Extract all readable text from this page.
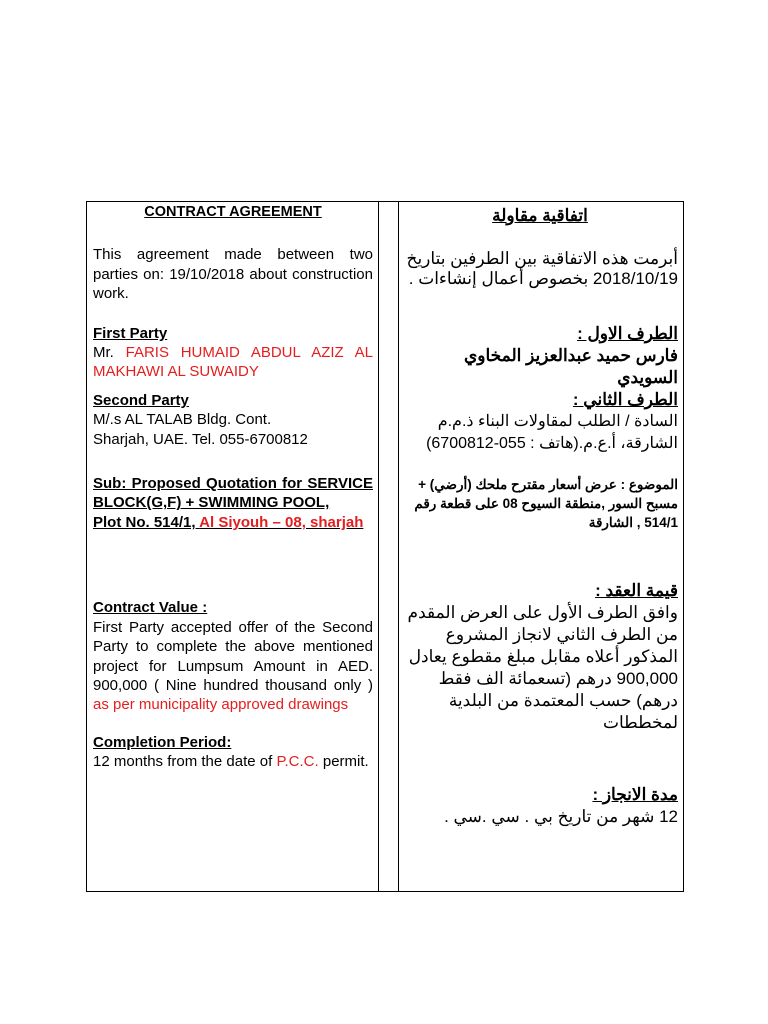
CONTRACT AGREEMENT

This agreement made between two parties on: 19/10/2018 about construction work.

First Party

Mr. FARIS HUMAID ABDUL AZIZ AL MAKHAWI AL SUWAIDY

Second Party

M/.s AL TALAB Bldg. Cont.

Sharjah, UAE. Tel. 055-6700812

Sub: Proposed Quotation for SERVICE BLOCK(G,F) + SWIMMING POOL,

Plot No. 514/1, Al Siyouh – 08, sharjah

Contract Value :

First Party accepted offer of the Second Party to complete the above mentioned project for Lumpsum Amount in AED. 900,000 ( Nine hundred thousand only ) as per municipality approved drawings

Completion Period:

12 months from the date of P.C.C. permit.

اتفاقية مقاولة

أبرمت هذه الاتفاقية بين الطرفين بتاريخ 2018/10/19 بخصوص أعمال إنشاءات .

الطرف الاول :

فارس حميد عبدالعزيز المخاوي السويدي

الطرف الثاني :

السادة / الطلب لمقاولات البناء ذ.م.م

الشارقة، أ.ع.م.(هاتف : 055-6700812)

الموضوع : عرض أسعار مقترح ملحك (أرضي) + مسبح السور ,منطقة السيوح 08 على قطعة رقم 514/1 , الشارقة

قيمة العقد :

وافق الطرف الأول على العرض المقدم من الطرف الثاني لانجاز المشروع المذكور أعلاه مقابل مبلغ مقطوع يعادل 900,000 درهم (تسعمائة الف فقط درهم) حسب المعتمدة من البلدية لمخططات

مدة الانجاز :

12 شهر من تاريخ بي . سي .سي .
